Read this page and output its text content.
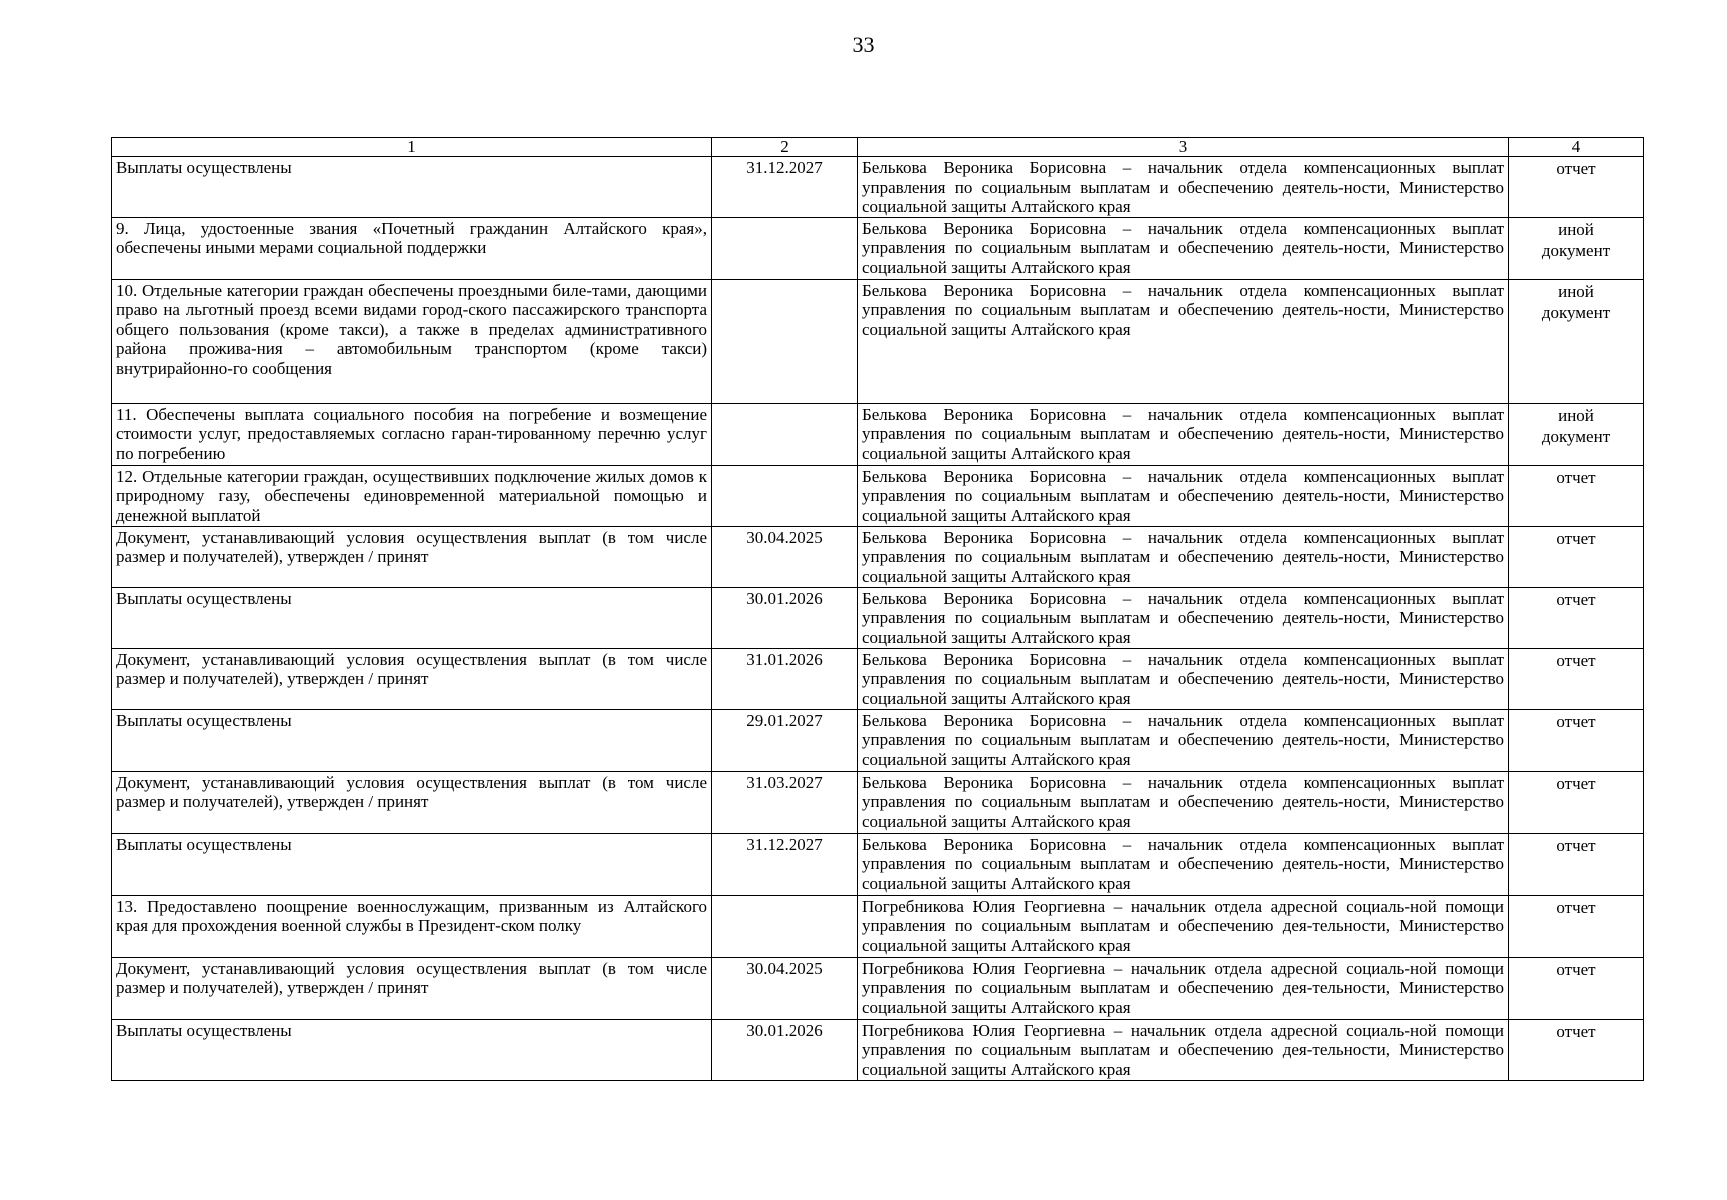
33
1	2	3	4
Выплаты осуществлены	31.12.2027	Белькова Вероника Борисовна – начальник отдела компенсационных выплат управления по социальным выплатам и обеспечению деятель-ности, Министерство социальной защиты Алтайского края	отчет

9. Лица, удостоенные звания «Почетный гражданин Алтайского края», обеспечены иными мерами социальной поддержки		Белькова Вероника Борисовна – начальник отдела компенсационных выплат управления по социальным выплатам и обеспечению деятель-ности, Министерство социальной защиты Алтайского края	иной
документ

10. Отдельные категории граждан обеспечены проездными биле-тами, дающими право на льготный проезд всеми видами город-ского пассажирского транспорта общего пользования (кроме такси), а также в пределах административного района прожива-ния – автомобильным транспортом (кроме такси) внутрирайонно-го сообщения		Белькова Вероника Борисовна – начальник отдела компенсационных выплат управления по социальным выплатам и обеспечению деятель-ности, Министерство социальной защиты Алтайского края	иной
документ

11. Обеспечены выплата социального пособия на погребение и возмещение стоимости услуг, предоставляемых согласно гаран-тированному перечню услуг по погребению		Белькова Вероника Борисовна – начальник отдела компенсационных выплат управления по социальным выплатам и обеспечению деятель-ности, Министерство социальной защиты Алтайского края	иной
документ

12. Отдельные категории граждан, осуществивших подключение жилых домов к природному газу, обеспечены единовременной материальной помощью и денежной выплатой		Белькова Вероника Борисовна – начальник отдела компенсационных выплат управления по социальным выплатам и обеспечению деятель-ности, Министерство социальной защиты Алтайского края	отчет

Документ, устанавливающий условия осуществления выплат (в том числе размер и получателей), утвержден / принят	30.04.2025	Белькова Вероника Борисовна – начальник отдела компенсационных выплат управления по социальным выплатам и обеспечению деятель-ности, Министерство социальной защиты Алтайского края	отчет

Выплаты осуществлены	30.01.2026	Белькова Вероника Борисовна – начальник отдела компенсационных выплат управления по социальным выплатам и обеспечению деятель-ности, Министерство социальной защиты Алтайского края	отчет

Документ, устанавливающий условия осуществления выплат (в том числе размер и получателей), утвержден / принят	31.01.2026	Белькова Вероника Борисовна – начальник отдела компенсационных выплат управления по социальным выплатам и обеспечению деятель-ности, Министерство социальной защиты Алтайского края	отчет

Выплаты осуществлены	29.01.2027	Белькова Вероника Борисовна – начальник отдела компенсационных выплат управления по социальным выплатам и обеспечению деятель-ности, Министерство социальной защиты Алтайского края	отчет

Документ, устанавливающий условия осуществления выплат (в том числе размер и получателей), утвержден / принят	31.03.2027	Белькова Вероника Борисовна – начальник отдела компенсационных выплат управления по социальным выплатам и обеспечению деятель-ности, Министерство социальной защиты Алтайского края	отчет

Выплаты осуществлены	31.12.2027	Белькова Вероника Борисовна – начальник отдела компенсационных выплат управления по социальным выплатам и обеспечению деятель-ности, Министерство социальной защиты Алтайского края	отчет

13. Предоставлено поощрение военнослужащим, призванным из Алтайского края для прохождения военной службы в Президент-ском полку		Погребникова Юлия Георгиевна – начальник отдела адресной социаль-ной помощи управления по социальным выплатам и обеспечению дея-тельности, Министерство социальной защиты Алтайского края	отчет

Документ, устанавливающий условия осуществления выплат (в том числе размер и получателей), утвержден / принят	30.04.2025	Погребникова Юлия Георгиевна – начальник отдела адресной социаль-ной помощи управления по социальным выплатам и обеспечению дея-тельности, Министерство социальной защиты Алтайского края	отчет

Выплаты осуществлены	30.01.2026	Погребникова Юлия Георгиевна – начальник отдела адресной социаль-ной помощи управления по социальным выплатам и обеспечению дея-тельности, Министерство социальной защиты Алтайского края	отчет
